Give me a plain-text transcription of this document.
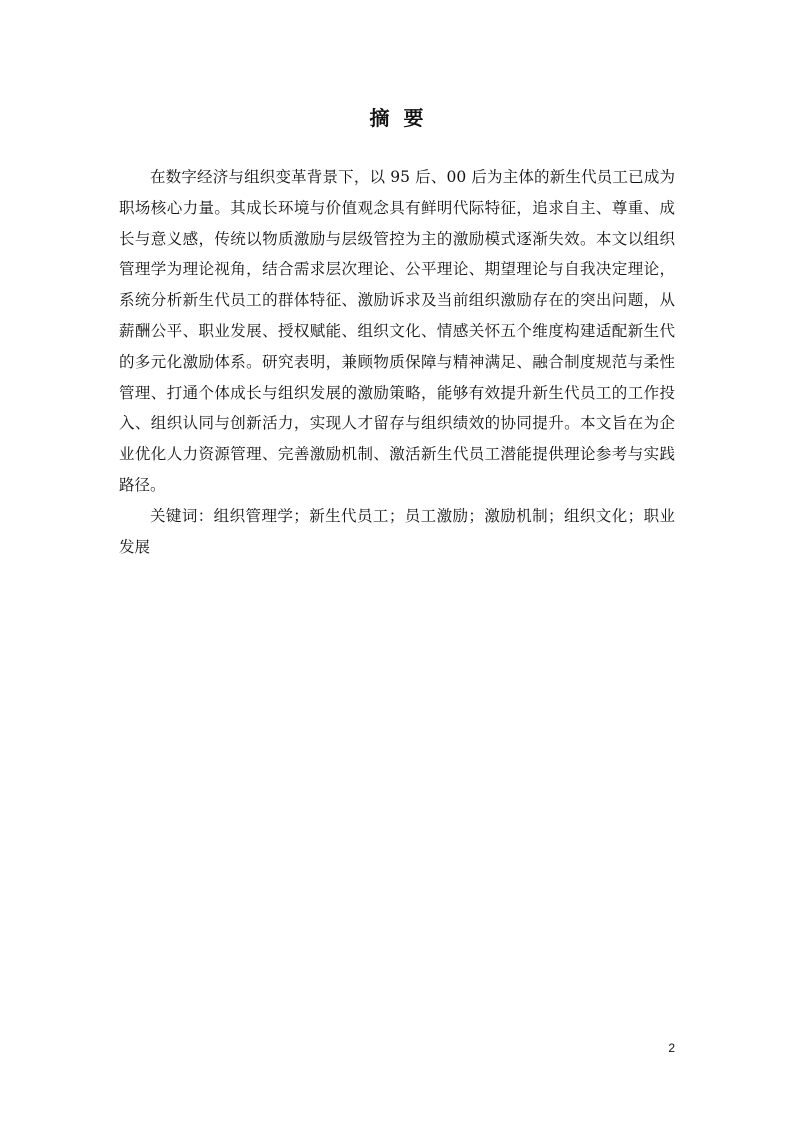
摘要

在数字经济与组织变革背景下，以 95 后、00 后为主体的新生代员工已成为职场核心力量。其成长环境与价值观念具有鲜明代际特征，追求自主、尊重、成长与意义感，传统以物质激励与层级管控为主的激励模式逐渐失效。本文以组织管理学为理论视角，结合需求层次理论、公平理论、期望理论与自我决定理论，系统分析新生代员工的群体特征、激励诉求及当前组织激励存在的突出问题，从薪酬公平、职业发展、授权赋能、组织文化、情感关怀五个维度构建适配新生代的多元化激励体系。研究表明，兼顾物质保障与精神满足、融合制度规范与柔性管理、打通个体成长与组织发展的激励策略，能够有效提升新生代员工的工作投入、组织认同与创新活力，实现人才留存与组织绩效的协同提升。本文旨在为企业优化人力资源管理、完善激励机制、激活新生代员工潜能提供理论参考与实践路径。

关键词：组织管理学；新生代员工；员工激励；激励机制；组织文化；职业发展

2
